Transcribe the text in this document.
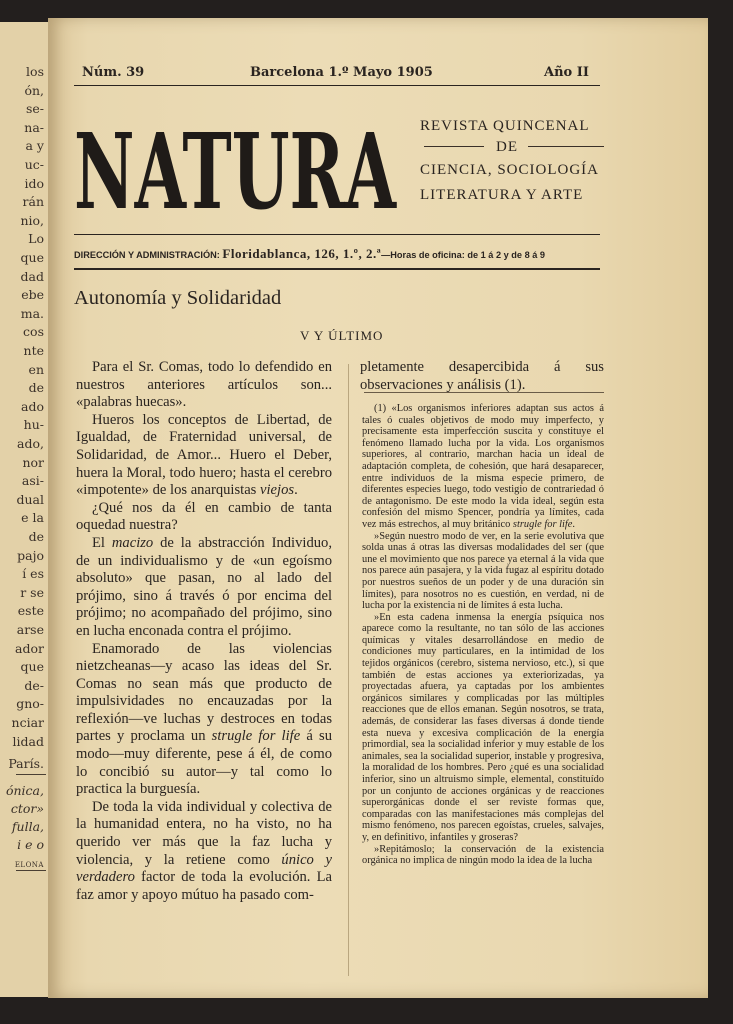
los
ón,
se-
na-
a y
uc-
ido
rán
nio,
Lo
que
dad
ebe
ma.
cos
nte
en
de
ado
hu-
ado,
nor
asi-
dual
e la
de
pajo
í es
r se
este
arse
ador
que
de-
gno-
nciar
lidad
París.
ónica,
ctor»
fulla,
i e o
ELONA
Núm. 39	Barcelona 1.º Mayo 1905	Año II
NATURA REVISTA QUINCENAL
DE
CIENCIA, SOCIOLOGÍA
LITERATURA Y ARTE
DIRECCIÓN Y ADMINISTRACIÓN: Floridablanca, 126, 1.º, 2.ª—Horas de oficina: de 1 á 2 y de 8 á 9
Autonomía y Solidaridad
V Y ÚLTIMO

Para el Sr. Comas, todo lo defendido en nuestros anteriores artículos son... «palabras huecas».

Hueros los conceptos de Libertad, de Igualdad, de Fraternidad universal, de Solidaridad, de Amor... Huero el Deber, huera la Moral, todo huero; hasta el cerebro «impotente» de los anarquistas viejos.

¿Qué nos da él en cambio de tanta oquedad nuestra?

El macizo de la abstracción Individuo, de un individualismo y de «un egoísmo absoluto» que pasan, no al lado del prójimo, sino á través ó por encima del prójimo; no acompañado del prójimo, sino en lucha enconada contra el prójimo.

Enamorado de las violencias nietzcheanas—y acaso las ideas del Sr. Comas no sean más que producto de impulsividades no encauzadas por la reflexión—ve luchas y destroces en todas partes y proclama un strugle for life á su modo—muy diferente, pese á él, de como lo concibió su autor—y tal como lo practica la burguesía.

De toda la vida individual y colectiva de la humanidad entera, no ha visto, no ha querido ver más que la faz lucha y violencia, y la retiene como único y verdadero factor de toda la evolución. La faz amor y apoyo mútuo ha pasado com-

pletamente desapercibida á sus observaciones y análisis (1).

(1) «Los organismos inferiores adaptan sus actos á tales ó cuales objetivos de modo muy imperfecto, y precisamente esta imperfección suscita y constituye el fenómeno llamado lucha por la vida. Los organismos superiores, al contrario, marchan hacia un ideal de adaptación completa, de cohesión, que hará desaparecer, entre individuos de la misma especie primero, de diferentes especies luego, todo vestigio de contrariedad ó de antagonismo. De este modo la vida ideal, según esta confesión del mismo Spencer, pondría ya límites, cada vez más estrechos, al muy británico strugle for life.

»Según nuestro modo de ver, en la serie evolutiva que solda unas á otras las diversas modalidades del ser (que une el movimiento que nos parece ya eternal á la vida que nos parece aún pasajera, y la vida fugaz al espíritu dotado por nuestros sueños de un poder y de una duración sin límites), para nosotros no es cuestión, en verdad, ni de lucha por la existencia ni de límites á esta lucha.

»En esta cadena inmensa la energía psíquica nos aparece como la resultante, no tan sólo de las acciones químicas y vitales desarrollándose en medio de condiciones muy particulares, en la intimidad de los tejidos orgánicos (cerebro, sistema nervioso, etc.), si que también de estas acciones ya exteriorizadas, ya proyectadas afuera, ya captadas por los ambientes orgánicos similares y complicadas por las múltiples reacciones que de ellos emanan. Según nosotros, se trata, además, de considerar las fases diversas á donde tiende esta nueva y excesiva complicación de la energía primordial, sea la socialidad inferior y muy estable de los animales, sea la socialidad superior, instable y progresiva, la moralidad de los hombres. Pero ¿qué es una socialidad inferior, sino un altruismo simple, elemental, constituído por un conjunto de acciones orgánicas y de reacciones superorgánicas donde el ser reviste formas que, comparadas con las manifestaciones más complejas del mismo fenómeno, nos parecen egoístas, crueles, salvajes, y, en definitivo, infantiles y groseras?

»Repitámoslo; la conservación de la existencia orgánica no implica de ningún modo la idea de la lucha
